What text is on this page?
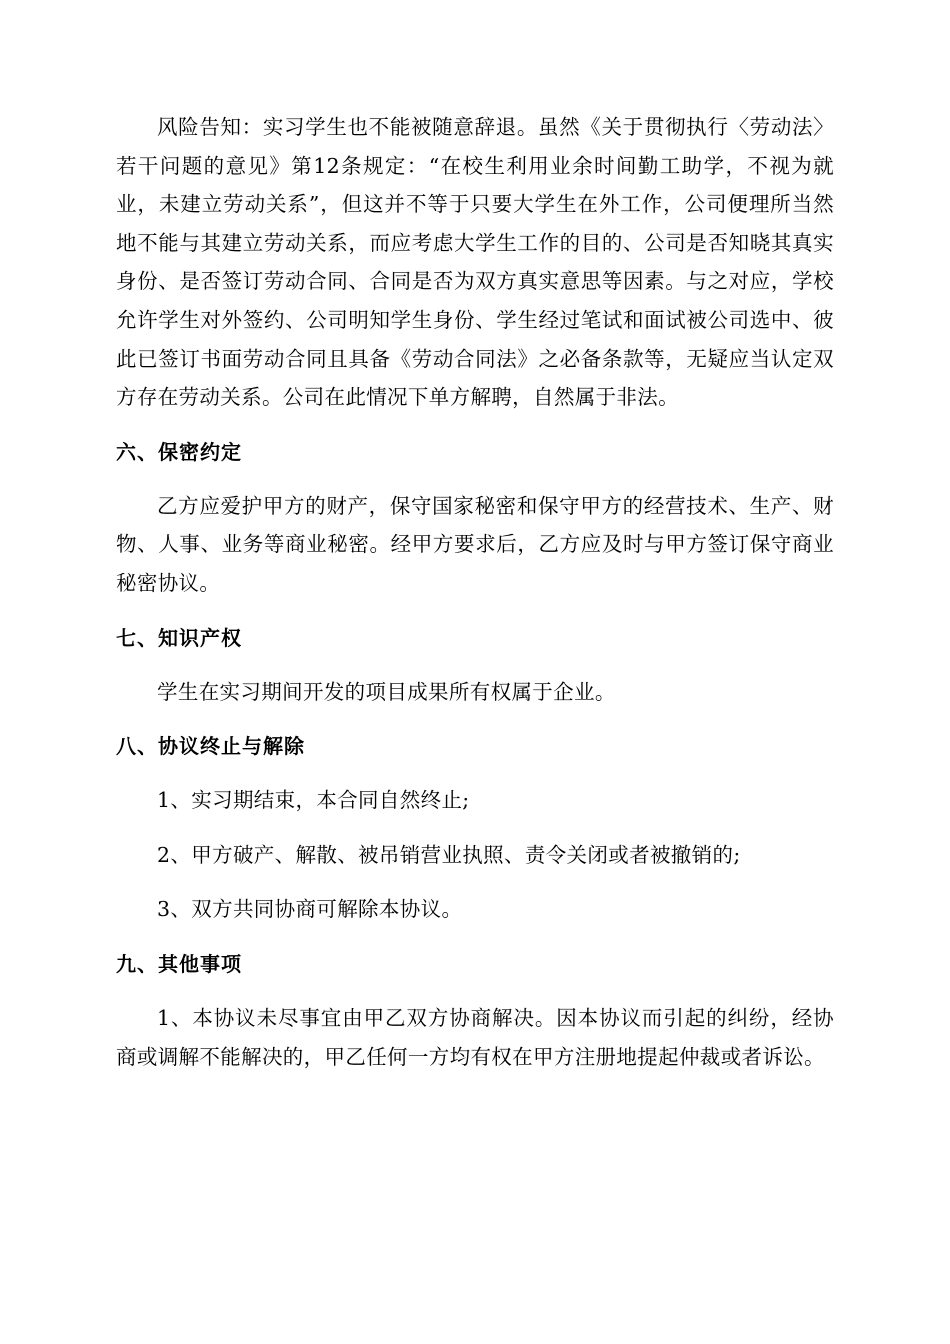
风险告知：实习学生也不能被随意辞退。虽然《关于贯彻执行〈劳动法〉若干问题的意见》第12条规定：“在校生利用业余时间勤工助学，不视为就业，未建立劳动关系”，但这并不等于只要大学生在外工作，公司便理所当然地不能与其建立劳动关系，而应考虑大学生工作的目的、公司是否知晓其真实身份、是否签订劳动合同、合同是否为双方真实意思等因素。与之对应，学校允许学生对外签约、公司明知学生身份、学生经过笔试和面试被公司选中、彼此已签订书面劳动合同且具备《劳动合同法》之必备条款等，无疑应当认定双方存在劳动关系。公司在此情况下单方解聘，自然属于非法。

六、保密约定

乙方应爱护甲方的财产，保守国家秘密和保守甲方的经营技术、生产、财物、人事、业务等商业秘密。经甲方要求后，乙方应及时与甲方签订保守商业秘密协议。

七、知识产权

学生在实习期间开发的项目成果所有权属于企业。

八、协议终止与解除

1、实习期结束，本合同自然终止;

2、甲方破产、解散、被吊销营业执照、责令关闭或者被撤销的;

3、双方共同协商可解除本协议。

九、其他事项

1、本协议未尽事宜由甲乙双方协商解决。因本协议而引起的纠纷，经协商或调解不能解决的，甲乙任何一方均有权在甲方注册地提起仲裁或者诉讼。
